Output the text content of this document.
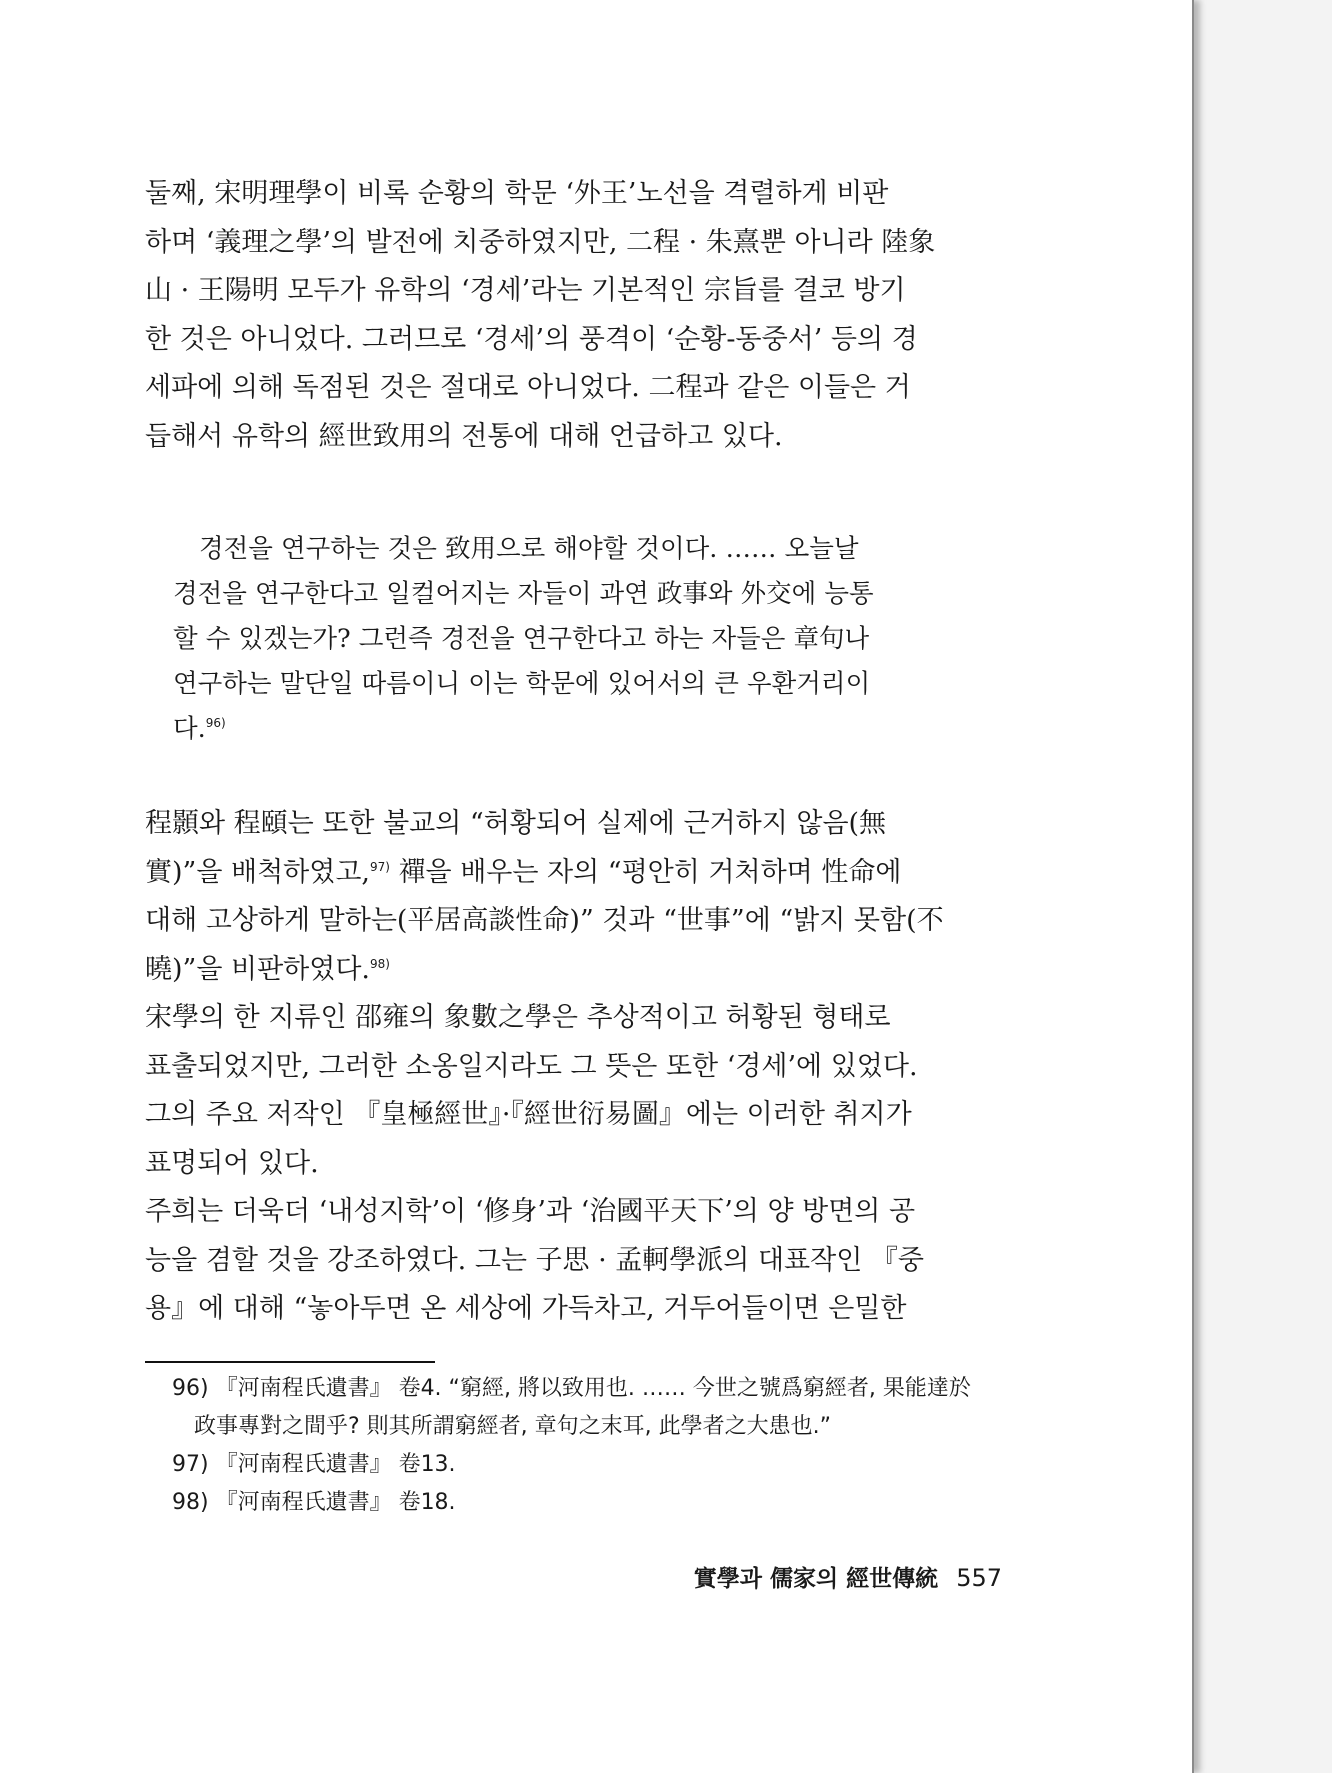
둘째, 宋明理學이 비록 순황의 학문 ‘外王’노선을 격렬하게 비판

하며 ‘義理之學’의 발전에 치중하였지만, 二程 · 朱熹뿐 아니라 陸象

山 · 王陽明 모두가 유학의 ‘경세’라는 기본적인 宗旨를 결코 방기

한 것은 아니었다. 그러므로 ‘경세’의 풍격이 ‘순황-동중서’ 등의 경

세파에 의해 독점된 것은 절대로 아니었다. 二程과 같은 이들은 거

듭해서 유학의 經世致用의 전통에 대해 언급하고 있다.

경전을 연구하는 것은 致用으로 해야할 것이다. …… 오늘날

경전을 연구한다고 일컬어지는 자들이 과연 政事와 外交에 능통

할 수 있겠는가? 그런즉 경전을 연구한다고 하는 자들은 章句나

연구하는 말단일 따름이니 이는 학문에 있어서의 큰 우환거리이

다.$^{96)}$

程顥와 程頤는 또한 불교의 “허황되어 실제에 근거하지 않음(無

實)”을 배척하였고,$^{97)}$ 禪을 배우는 자의 “평안히 거처하며 性命에

대해 고상하게 말하는(平居高談性命)” 것과 “世事”에 “밝지 못함(不

曉)”을 비판하였다.$^{98)}$

宋學의 한 지류인 邵雍의 象數之學은 추상적이고 허황된 형태로

표출되었지만, 그러한 소옹일지라도 그 뜻은 또한 ‘경세’에 있었다.

그의 주요 저작인 『皇極經世』·『經世衍易圖』에는 이러한 취지가

표명되어 있다.

주희는 더욱더 ‘내성지학’이 ‘修身’과 ‘治國平天下’의 양 방면의 공

능을 겸할 것을 강조하였다. 그는 子思 · 孟軻學派의 대표작인 『중

용』에 대해 “놓아두면 온 세상에 가득차고, 거두어들이면 은밀한

96) 『河南程氏遺書』 卷4. “窮經, 將以致用也. …… 今世之號爲窮經者, 果能達於

政事專對之間乎? 則其所謂窮經者, 章句之末耳, 此學者之大患也.”

97) 『河南程氏遺書』 卷13.

98) 『河南程氏遺書』 卷18.

實學과 儒家의 經世傳統 557
